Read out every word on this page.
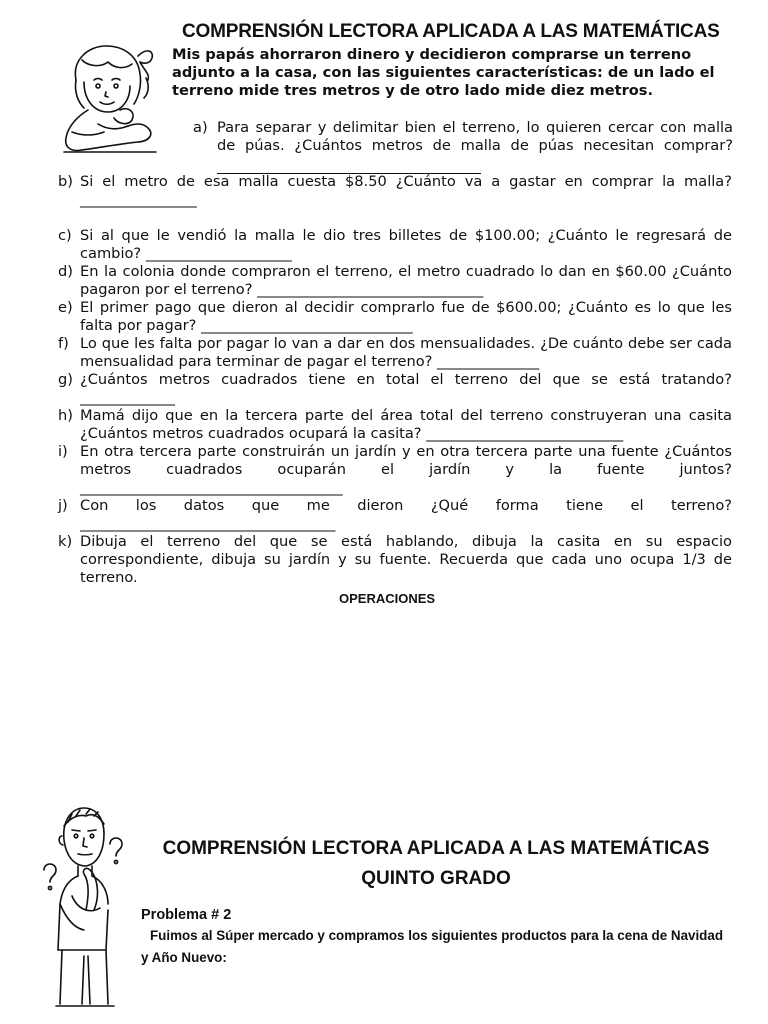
COMPRENSIÓN LECTORA APLICADA A LAS MATEMÁTICAS
Mis papás ahorraron dinero y decidieron comprarse un terreno adjunto a la casa, con las siguientes características: de un lado el terreno mide tres metros y de otro lado mide diez metros.
a) Para separar y delimitar bien el terreno, lo quieren cercar con malla de púas. ¿Cuántos metros de malla de púas necesitan comprar?
b) Si el metro de esa malla cuesta $8.50 ¿Cuánto va a gastar en comprar la malla? ________________
c) Si al que le vendió la malla le dio tres billetes de $100.00; ¿Cuánto le regresará de cambio? ____________________
d) En la colonia donde compraron el terreno, el metro cuadrado lo dan en $60.00 ¿Cuánto pagaron por el terreno? _______________________________
e) El primer pago que dieron al decidir comprarlo fue de $600.00; ¿Cuánto es lo que les falta por pagar? _____________________________
f) Lo que les falta por pagar lo van a dar en dos mensualidades. ¿De cuánto debe ser cada mensualidad para terminar de pagar el terreno? ______________
g) ¿Cuántos metros cuadrados tiene en total el terreno del que se está tratando? _____________
h) Mamá dijo que en la tercera parte del área total del terreno construyeran una casita ¿Cuántos metros cuadrados ocupará la casita? ___________________________
i) En otra tercera parte construirán un jardín y en otra tercera parte una fuente ¿Cuántos metros cuadrados ocuparán el jardín y la fuente juntos? ____________________________________
j) Con los datos que me dieron ¿Qué forma tiene el terreno? ___________________________________
k) Dibuja el terreno del que se está hablando, dibuja la casita en su espacio correspondiente, dibuja su jardín y su fuente. Recuerda que cada uno ocupa 1/3 de terreno.
OPERACIONES
COMPRENSIÓN LECTORA APLICADA A LAS MATEMÁTICAS
QUINTO GRADO
Problema # 2
Fuimos al Súper mercado y compramos los siguientes productos para la cena de Navidad y Año Nuevo:
